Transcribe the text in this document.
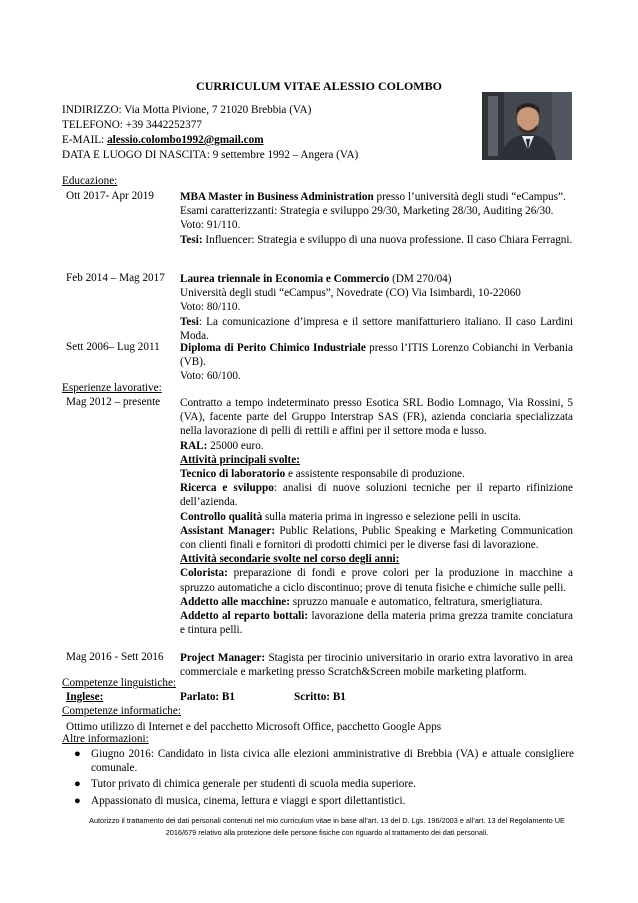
CURRICULUM VITAE ALESSIO COLOMBO
INDIRIZZO: Via Motta Pivione, 7 21020 Brebbia (VA)
TELEFONO: +39 3442252377
E-MAIL: alessio.colombo1992@gmail.com
DATA E LUOGO DI NASCITA: 9 settembre 1992 – Angera (VA)
Educazione:
Ott 2017- Apr 2019 MBA Master in Business Administration presso l’università degli studi “eCampus”.

Esami caratterizzanti: Strategia e sviluppo 29/30, Marketing 28/30, Auditing 26/30.

Voto: 91/110.

Tesi: Influencer: Strategia e sviluppo di una nuova professione. Il caso Chiara Ferragni.

Feb 2014 – Mag 2017 Laurea triennale in Economia e Commercio (DM 270/04)

Università degli studi “eCampus”, Novedrate (CO) Via Isimbardi, 10-22060

Voto: 80/110.

Tesi: La comunicazione d’impresa e il settore manifatturiero italiano. Il caso Lardini Moda.

Sett 2006– Lug 2011 Diploma di Perito Chimico Industriale presso l’ITIS Lorenzo Cobianchi in Verbania (VB).

Voto: 60/100.

Esperienze lavorative:
Mag 2012 – presente Contratto a tempo indeterminato presso Esotica SRL Bodio Lomnago, Via Rossini, 5 (VA), facente parte del Gruppo Interstrap SAS (FR), azienda conciaria specializzata nella lavorazione di pelli di rettili e affini per il settore moda e lusso.

RAL: 25000 euro.

Attività principali svolte:

Tecnico di laboratorio e assistente responsabile di produzione.

Ricerca e sviluppo: analisi di nuove soluzioni tecniche per il reparto rifinizione dell’azienda.

Controllo qualità sulla materia prima in ingresso e selezione pelli in uscita.

Assistant Manager: Public Relations, Public Speaking e Marketing Communication con clienti finali e fornitori di prodotti chimici per le diverse fasi di lavorazione.

Attività secondarie svolte nel corso degli anni:

Colorista: preparazione di fondi e prove colori per la produzione in macchine a spruzzo automatiche a ciclo discontinuo; prove di tenuta fisiche e chimiche sulle pelli.

Addetto alle macchine: spruzzo manuale e automatico, feltratura, smerigliatura.

Addetto al reparto bottali: lavorazione della materia prima grezza tramite conciatura e tintura pelli.

Mag 2016 - Sett 2016 Project Manager: Stagista per tirocinio universitario in orario extra lavorativo in area commerciale e marketing presso Scratch&Screen mobile marketing platform.

Competenze linguistiche:
Inglese:	Parlato: B1	Scritto: B1
Competenze informatiche:
Ottimo utilizzo di Internet e del pacchetto Microsoft Office, pacchetto Google Apps
Altre informazioni:
● Giugno 2016: Candidato in lista civica alle elezioni amministrative di Brebbia (VA) e attuale consigliere comunale.
● Tutor privato di chimica generale per studenti di scuola media superiore.
● Appassionato di musica, cinema, lettura e viaggi e sport dilettantistici.
Autorizzo il trattamento dei dati personali contenuti nel mio curriculum vitae in base all’art. 13 del D. Lgs. 196/2003 e all’art. 13 del Regolamento UE
2016/679 relativo alla protezione delle persone fisiche con riguardo al trattamento dei dati personali.
